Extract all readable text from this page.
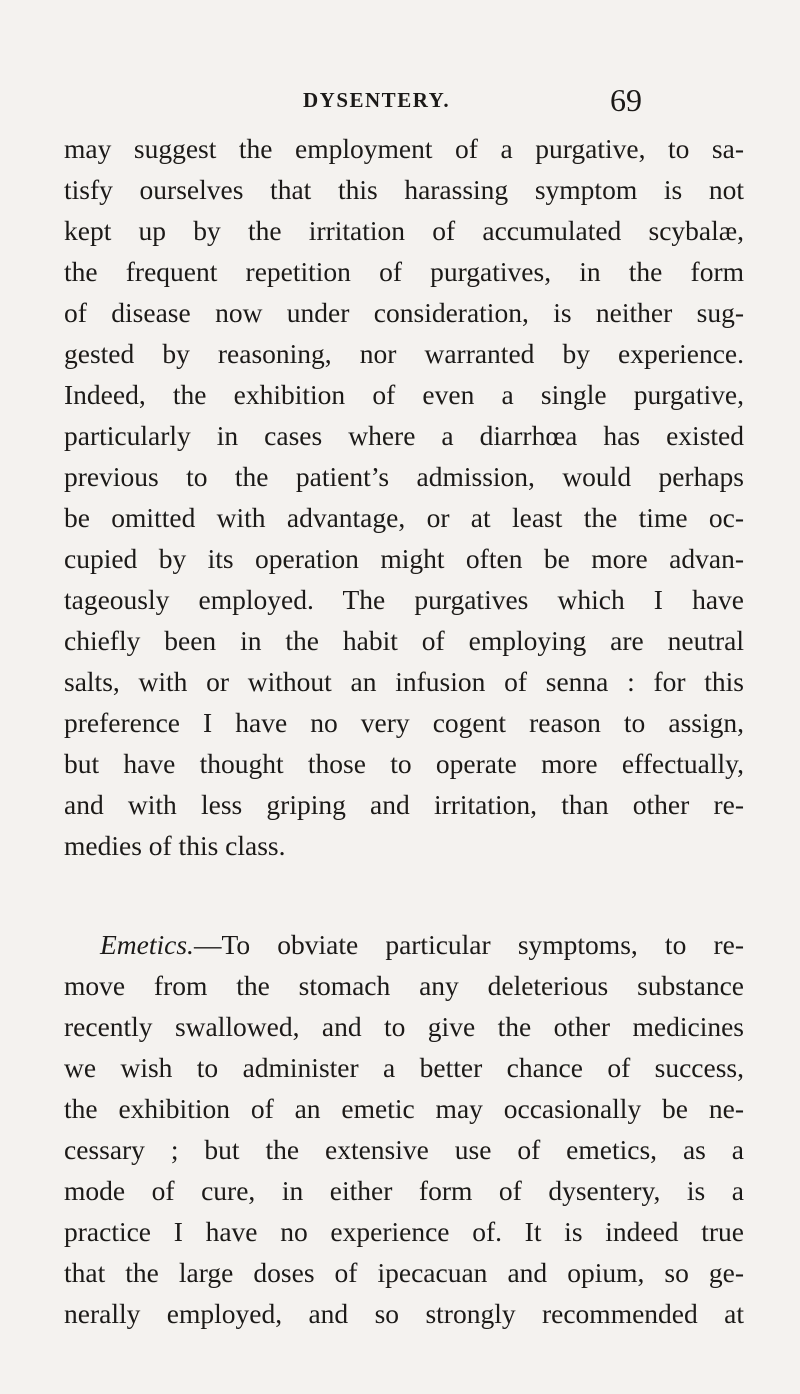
DYSENTERY.	69
may suggest the employment of a purgative, to sa-
tisfy ourselves that this harassing symptom is not
kept up by the irritation of accumulated scybalæ,
the frequent repetition of purgatives, in the form
of disease now under consideration, is neither sug-
gested by reasoning, nor warranted by experience.
Indeed, the exhibition of even a single purgative,
particularly in cases where a diarrhœa has existed
previous to the patient’s admission, would perhaps
be omitted with advantage, or at least the time oc-
cupied by its operation might often be more advan-
tageously employed. The purgatives which I have
chiefly been in the habit of employing are neutral
salts, with or without an infusion of senna : for this
preference I have no very cogent reason to assign,
but have thought those to operate more effectually,
and with less griping and irritation, than other re-
medies of this class.
Emetics.—To obviate particular symptoms, to re-
move from the stomach any deleterious substance
recently swallowed, and to give the other medicines
we wish to administer a better chance of success,
the exhibition of an emetic may occasionally be ne-
cessary ; but the extensive use of emetics, as a
mode of cure, in either form of dysentery, is a
practice I have no experience of. It is indeed true
that the large doses of ipecacuan and opium, so ge-
nerally employed, and so strongly recommended at
